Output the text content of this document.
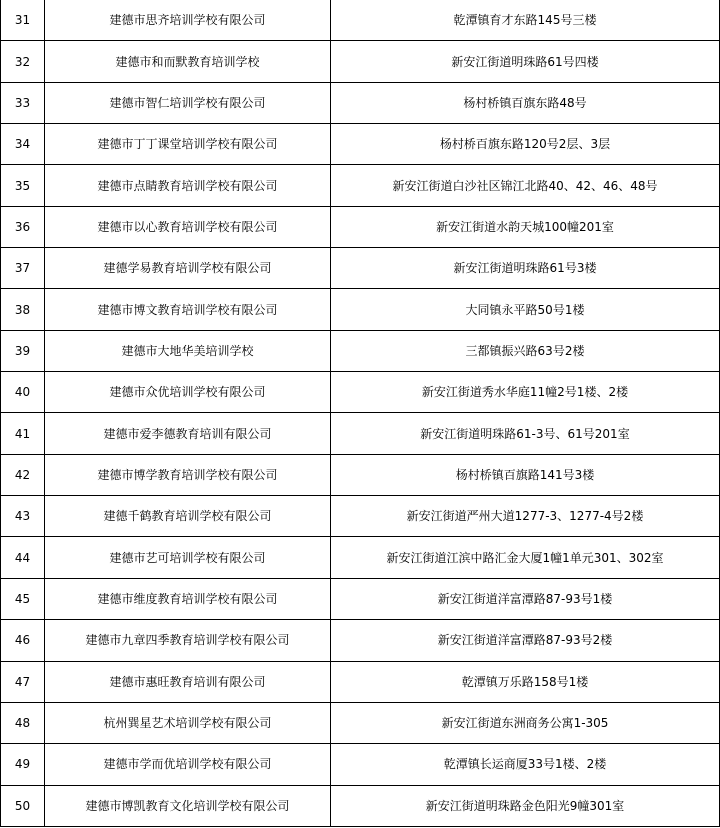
31	建德市思齐培训学校有限公司	乾潭镇育才东路145号三楼
32	建德市和而默教育培训学校	新安江街道明珠路61号四楼
33	建德市智仁培训学校有限公司	杨村桥镇百旗东路48号
34	建德市丁丁课堂培训学校有限公司	杨村桥百旗东路120号2层、3层
35	建德市点睛教育培训学校有限公司	新安江街道白沙社区锦江北路40、42、46、48号
36	建德市以心教育培训学校有限公司	新安江街道水韵天城100幢201室
37	建德学易教育培训学校有限公司	新安江街道明珠路61号3楼
38	建德市博文教育培训学校有限公司	大同镇永平路50号1楼
39	建德市大地华美培训学校	三都镇振兴路63号2楼
40	建德市众优培训学校有限公司	新安江街道秀水华庭11幢2号1楼、2楼
41	建德市爱李德教育培训有限公司	新安江街道明珠路61-3号、61号201室
42	建德市博学教育培训学校有限公司	杨村桥镇百旗路141号3楼
43	建德千鹤教育培训学校有限公司	新安江街道严州大道1277-3、1277-4号2楼
44	建德市艺可培训学校有限公司	新安江街道江滨中路汇金大厦1幢1单元301、302室
45	建德市维度教育培训学校有限公司	新安江街道洋富潭路87-93号1楼
46	建德市九章四季教育培训学校有限公司	新安江街道洋富潭路87-93号2楼
47	建德市惠旺教育培训有限公司	乾潭镇万乐路158号1楼
48	杭州巽星艺术培训学校有限公司	新安江街道东洲商务公寓1-305
49	建德市学而优培训学校有限公司	乾潭镇长运商厦33号1楼、2楼
50	建德市博凯教育文化培训学校有限公司	新安江街道明珠路金色阳光9幢301室
